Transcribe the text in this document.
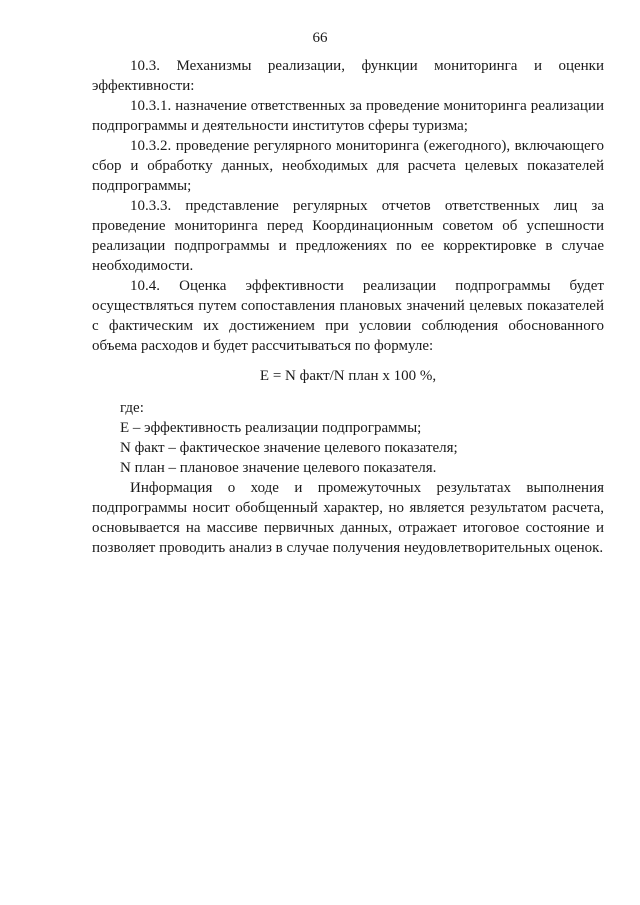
66

10.3. Механизмы реализации, функции мониторинга и оценки эффективности:

10.3.1. назначение ответственных за проведение мониторинга реализации подпрограммы и деятельности институтов сферы туризма;

10.3.2. проведение регулярного мониторинга (ежегодного), включающего сбор и обработку данных, необходимых для расчета целевых показателей подпрограммы;

10.3.3. представление регулярных отчетов ответственных лиц за проведение мониторинга перед Координационным советом об успешности реализации подпрограммы и предложениях по ее корректировке в случае необходимости.

10.4. Оценка эффективности реализации подпрограммы будет осуществляться путем сопоставления плановых значений целевых показателей с фактическим их достижением при условии соблюдения обоснованного объема расходов и будет рассчитываться по формуле:

E = N факт/N план х 100 %,

где:

E – эффективность реализации подпрограммы;

N факт – фактическое значение целевого показателя;

N план – плановое значение целевого показателя.

Информация о ходе и промежуточных результатах выполнения подпрограммы носит обобщенный характер, но является результатом расчета, основывается на массиве первичных данных, отражает итоговое состояние и позволяет проводить анализ в случае получения неудовлетворительных оценок.
